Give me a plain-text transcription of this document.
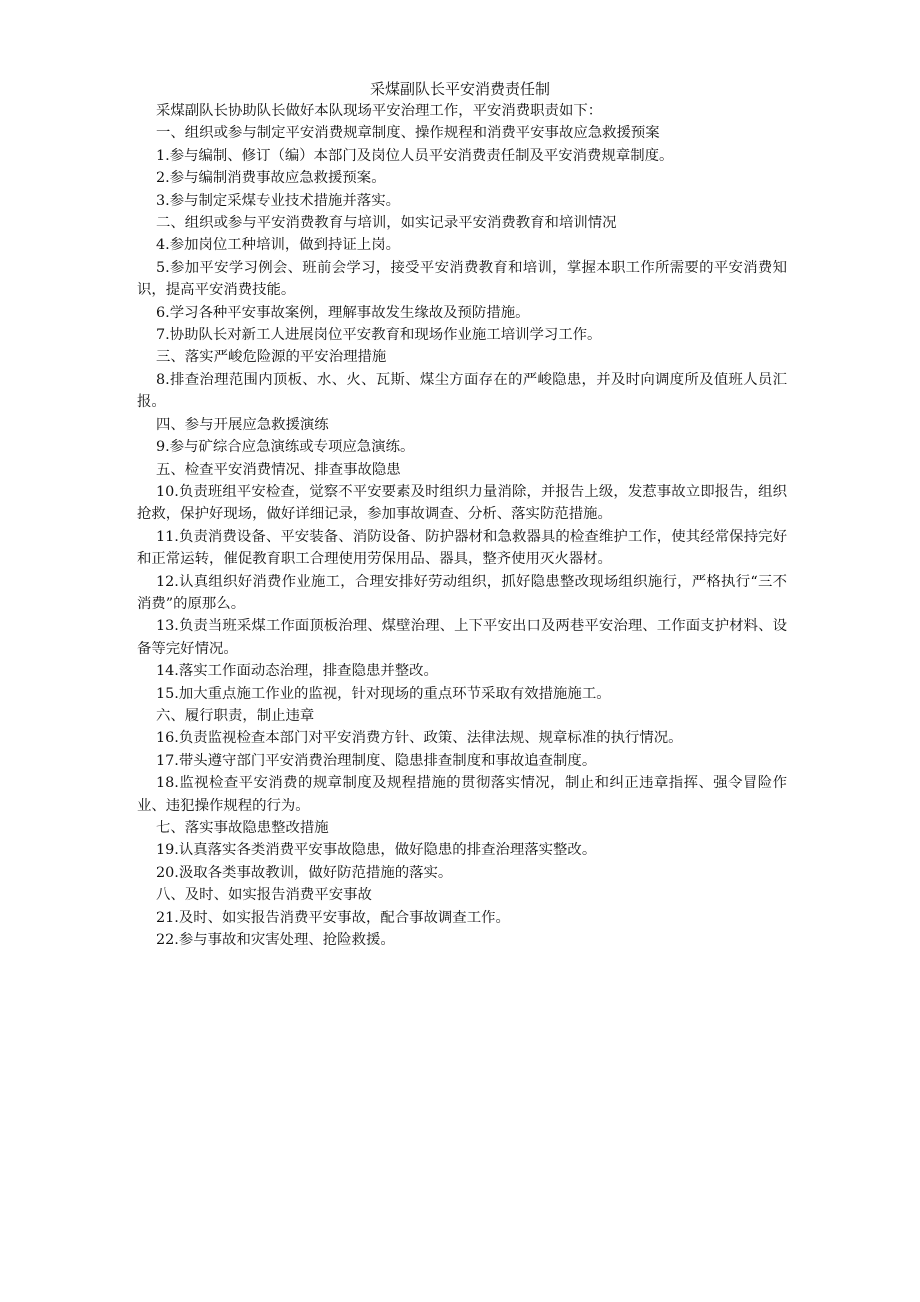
采煤副队长平安消费责任制

采煤副队长协助队长做好本队现场平安治理工作，平安消费职责如下：

一、组织或参与制定平安消费规章制度、操作规程和消费平安事故应急救援预案

1.参与编制、修订（编）本部门及岗位人员平安消费责任制及平安消费规章制度。

2.参与编制消费事故应急救援预案。

3.参与制定采煤专业技术措施并落实。

二、组织或参与平安消费教育与培训，如实记录平安消费教育和培训情况

4.参加岗位工种培训，做到持证上岗。

5.参加平安学习例会、班前会学习，接受平安消费教育和培训，掌握本职工作所需要的平安消费知识，提高平安消费技能。

6.学习各种平安事故案例，理解事故发生缘故及预防措施。

7.协助队长对新工人进展岗位平安教育和现场作业施工培训学习工作。

三、落实严峻危险源的平安治理措施

8.排查治理范围内顶板、水、火、瓦斯、煤尘方面存在的严峻隐患，并及时向调度所及值班人员汇报。

四、参与开展应急救援演练

9.参与矿综合应急演练或专项应急演练。

五、检查平安消费情况、排查事故隐患

10.负责班组平安检查，觉察不平安要素及时组织力量消除，并报告上级，发惹事故立即报告，组织抢救，保护好现场，做好详细记录，参加事故调查、分析、落实防范措施。

11.负责消费设备、平安装备、消防设备、防护器材和急救器具的检查维护工作，使其经常保持完好和正常运转，催促教育职工合理使用劳保用品、器具，整齐使用灭火器材。

12.认真组织好消费作业施工，合理安排好劳动组织，抓好隐患整改现场组织施行，严格执行“三不消费”的原那么。

13.负责当班采煤工作面顶板治理、煤壁治理、上下平安出口及两巷平安治理、工作面支护材料、设备等完好情况。

14.落实工作面动态治理，排查隐患并整改。

15.加大重点施工作业的监视，针对现场的重点环节采取有效措施施工。

六、履行职责，制止违章

16.负责监视检查本部门对平安消费方针、政策、法律法规、规章标准的执行情况。

17.带头遵守部门平安消费治理制度、隐患排查制度和事故追查制度。

18.监视检查平安消费的规章制度及规程措施的贯彻落实情况，制止和纠正违章指挥、强令冒险作业、违犯操作规程的行为。

七、落实事故隐患整改措施

19.认真落实各类消费平安事故隐患，做好隐患的排查治理落实整改。

20.汲取各类事故教训，做好防范措施的落实。

八、及时、如实报告消费平安事故

21.及时、如实报告消费平安事故，配合事故调查工作。

22.参与事故和灾害处理、抢险救援。
